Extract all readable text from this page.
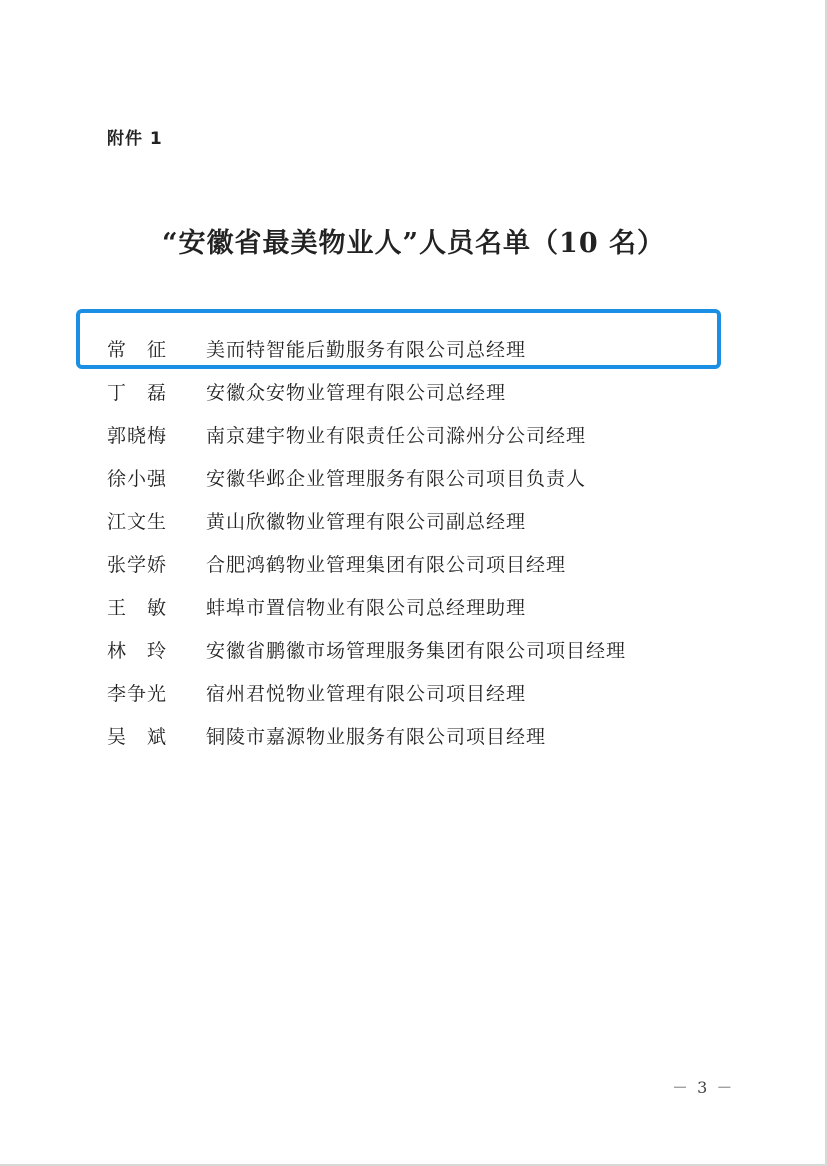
附件 1
“安徽省最美物业人”人员名单（10 名）
常　征	美而特智能后勤服务有限公司总经理
丁　磊	安徽众安物业管理有限公司总经理
郭晓梅	南京建宇物业有限责任公司滁州分公司经理
徐小强	安徽华邺企业管理服务有限公司项目负责人
江文生	黄山欣徽物业管理有限公司副总经理
张学娇	合肥鸿鹤物业管理集团有限公司项目经理
王　敏	蚌埠市置信物业有限公司总经理助理
林　玲	安徽省鹏徽市场管理服务集团有限公司项目经理
李争光	宿州君悦物业管理有限公司项目经理
吴　斌	铜陵市嘉源物业服务有限公司项目经理
－ 3 －
